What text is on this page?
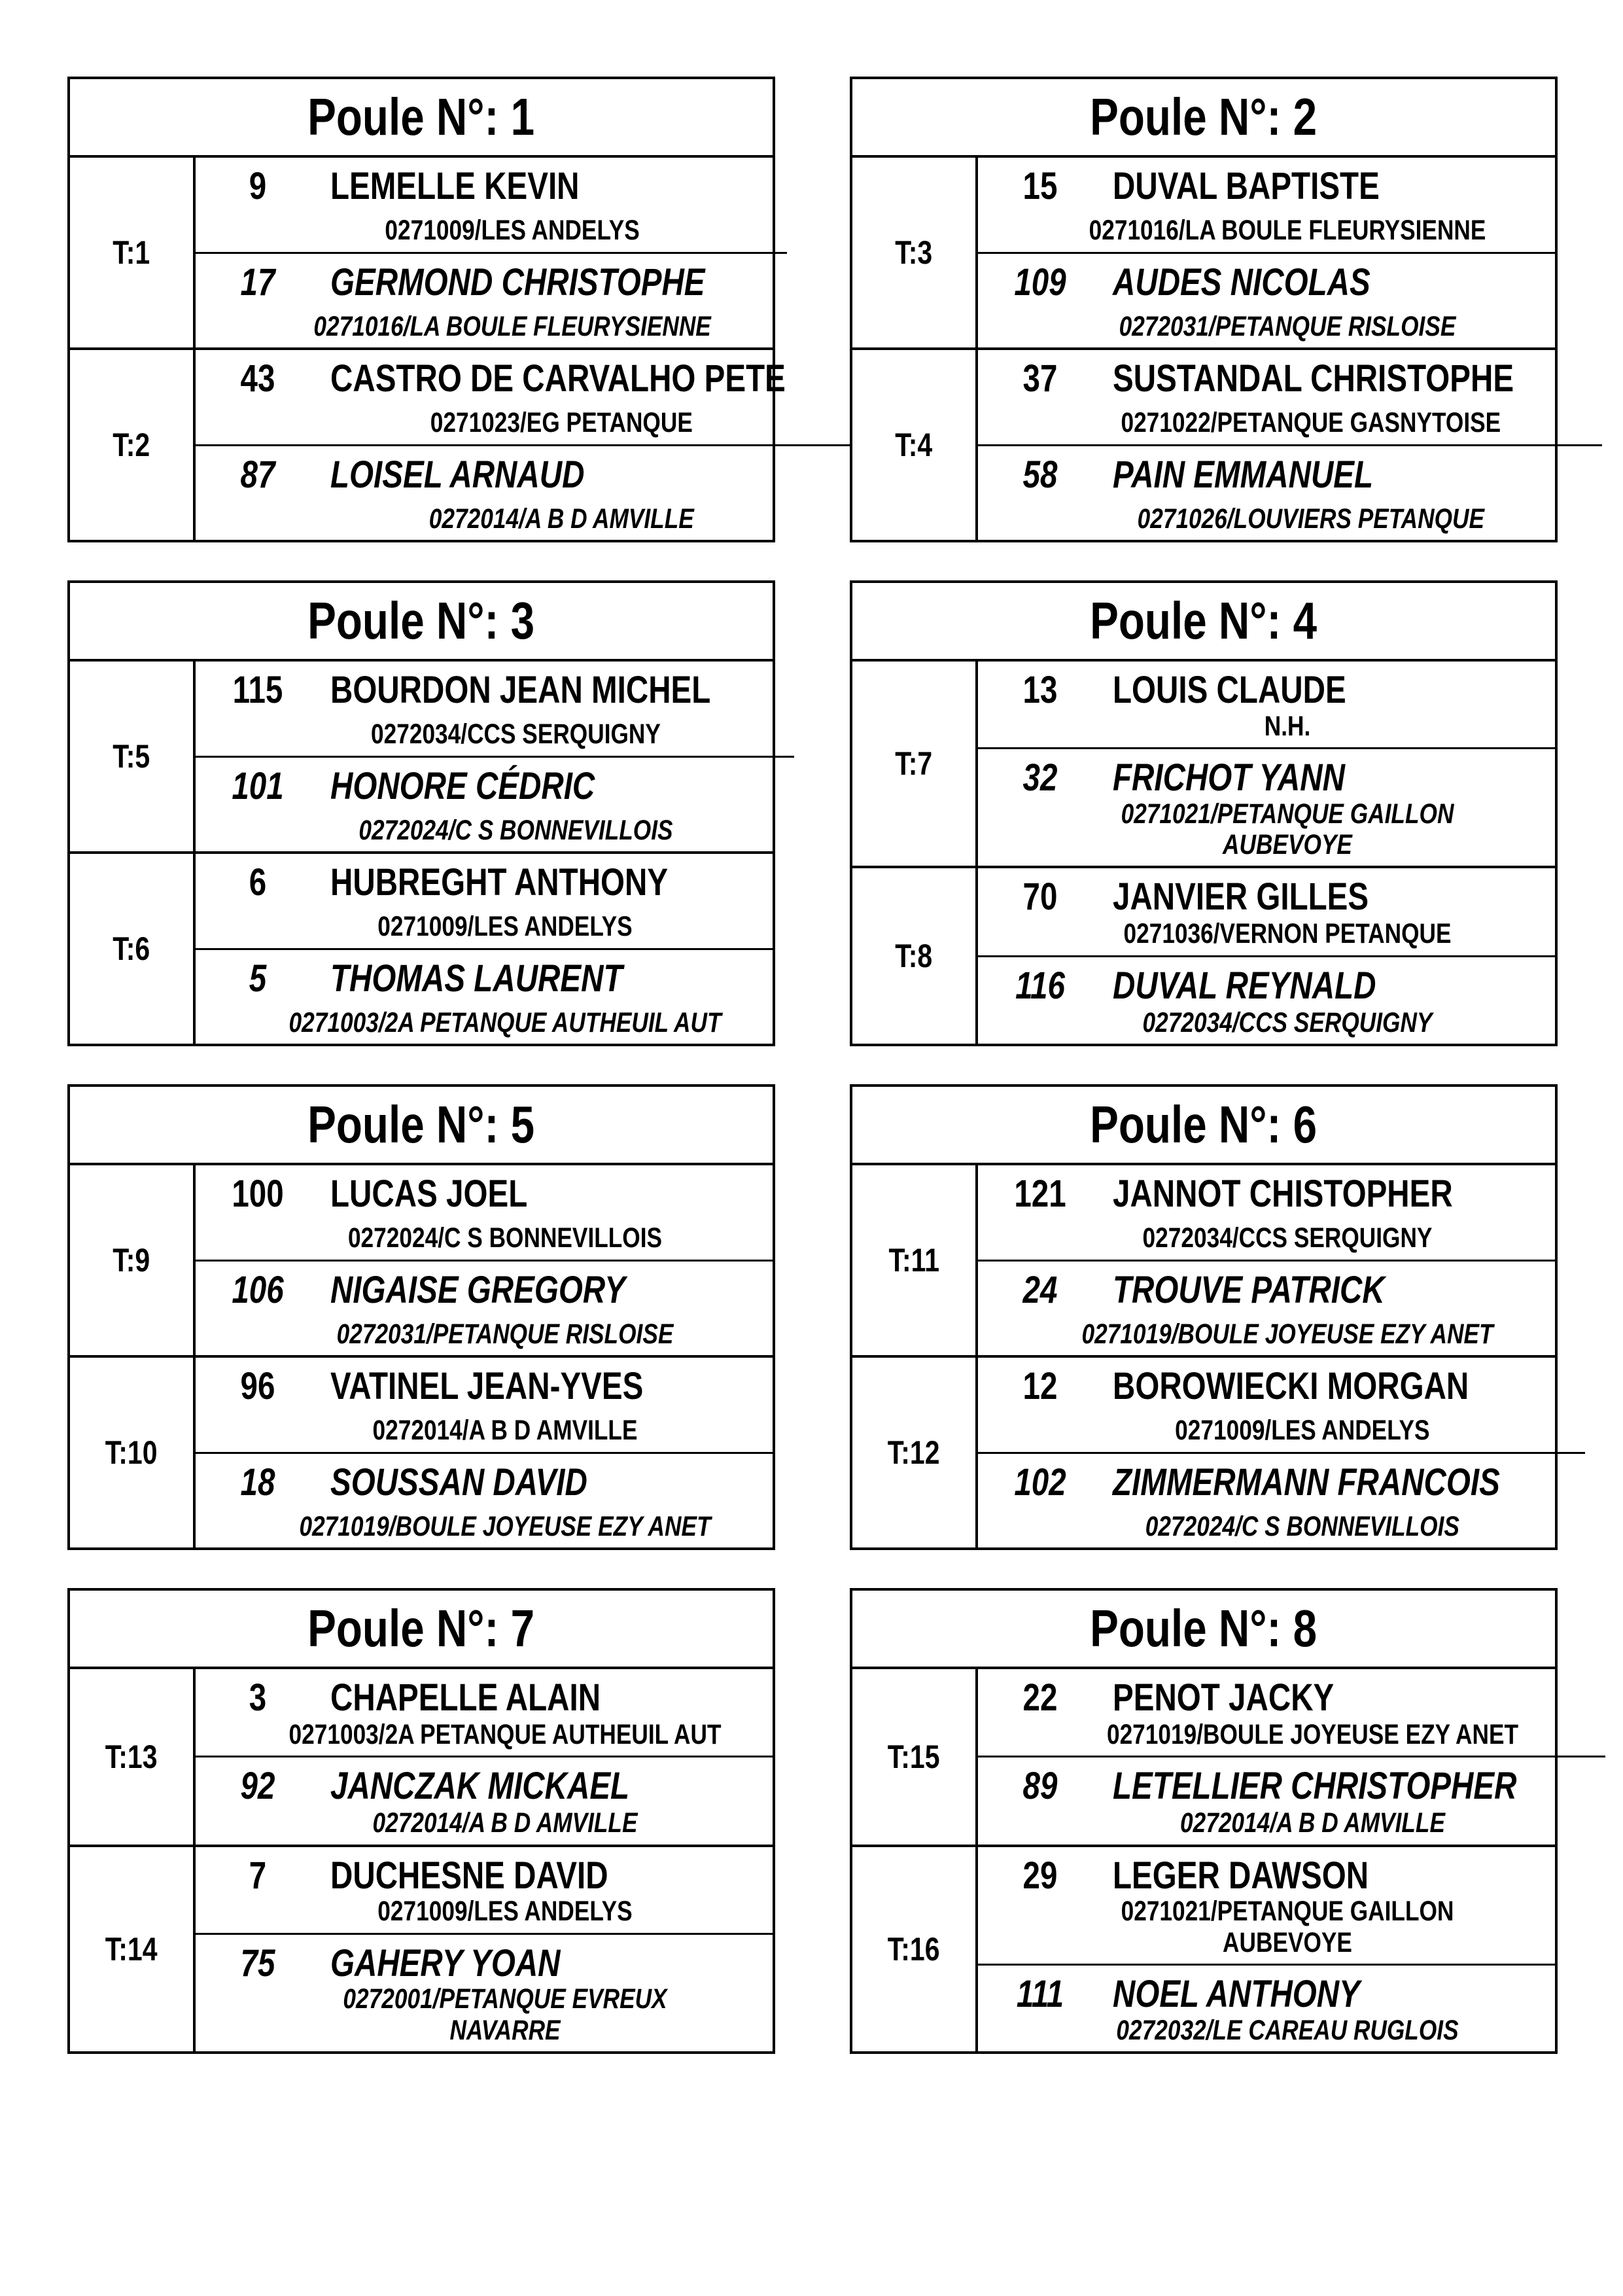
Poule N°: 1
T:1
9	LEMELLE KEVIN
0271009/LES ANDELYS
17	GERMOND CHRISTOPHE
0271016/LA BOULE FLEURYSIENNE
T:2
43	CASTRO DE CARVALHO PETE
0271023/EG PETANQUE
87	LOISEL ARNAUD
0272014/A B D AMVILLE
Poule N°: 2
T:3
15	DUVAL BAPTISTE
0271016/LA BOULE FLEURYSIENNE
109	AUDES NICOLAS
0272031/PETANQUE RISLOISE
T:4
37	SUSTANDAL CHRISTOPHE
0271022/PETANQUE GASNYTOISE
58	PAIN EMMANUEL
0271026/LOUVIERS PETANQUE
Poule N°: 3
T:5
115	BOURDON JEAN MICHEL
0272034/CCS SERQUIGNY
101	HONORE CÉDRIC
0272024/C S BONNEVILLOIS
T:6
6	HUBREGHT ANTHONY
0271009/LES ANDELYS
5	THOMAS LAURENT
0271003/2A PETANQUE AUTHEUIL AUT
Poule N°: 4
T:7
13	LOUIS CLAUDE
N.H.
32	FRICHOT YANN
0271021/PETANQUE GAILLON AUBEVOYE
T:8
70	JANVIER GILLES
0271036/VERNON PETANQUE
116	DUVAL REYNALD
0272034/CCS SERQUIGNY
Poule N°: 5
T:9
100	LUCAS JOEL
0272024/C S BONNEVILLOIS
106	NIGAISE GREGORY
0272031/PETANQUE RISLOISE
T:10
96	VATINEL JEAN-YVES
0272014/A B D AMVILLE
18	SOUSSAN DAVID
0271019/BOULE JOYEUSE EZY ANET
Poule N°: 6
T:11
121	JANNOT CHISTOPHER
0272034/CCS SERQUIGNY
24	TROUVE PATRICK
0271019/BOULE JOYEUSE EZY ANET
T:12
12	BOROWIECKI MORGAN
0271009/LES ANDELYS
102	ZIMMERMANN FRANCOIS
0272024/C S BONNEVILLOIS
Poule N°: 7
T:13
3	CHAPELLE ALAIN
0271003/2A PETANQUE AUTHEUIL AUT
92	JANCZAK MICKAEL
0272014/A B D AMVILLE
T:14
7	DUCHESNE DAVID
0271009/LES ANDELYS
75	GAHERY YOAN
0272001/PETANQUE EVREUX NAVARRE
Poule N°: 8
T:15
22	PENOT JACKY
0271019/BOULE JOYEUSE EZY ANET
89	LETELLIER CHRISTOPHER
0272014/A B D AMVILLE
T:16
29	LEGER DAWSON
0271021/PETANQUE GAILLON AUBEVOYE
111	NOEL ANTHONY
0272032/LE CAREAU RUGLOIS
